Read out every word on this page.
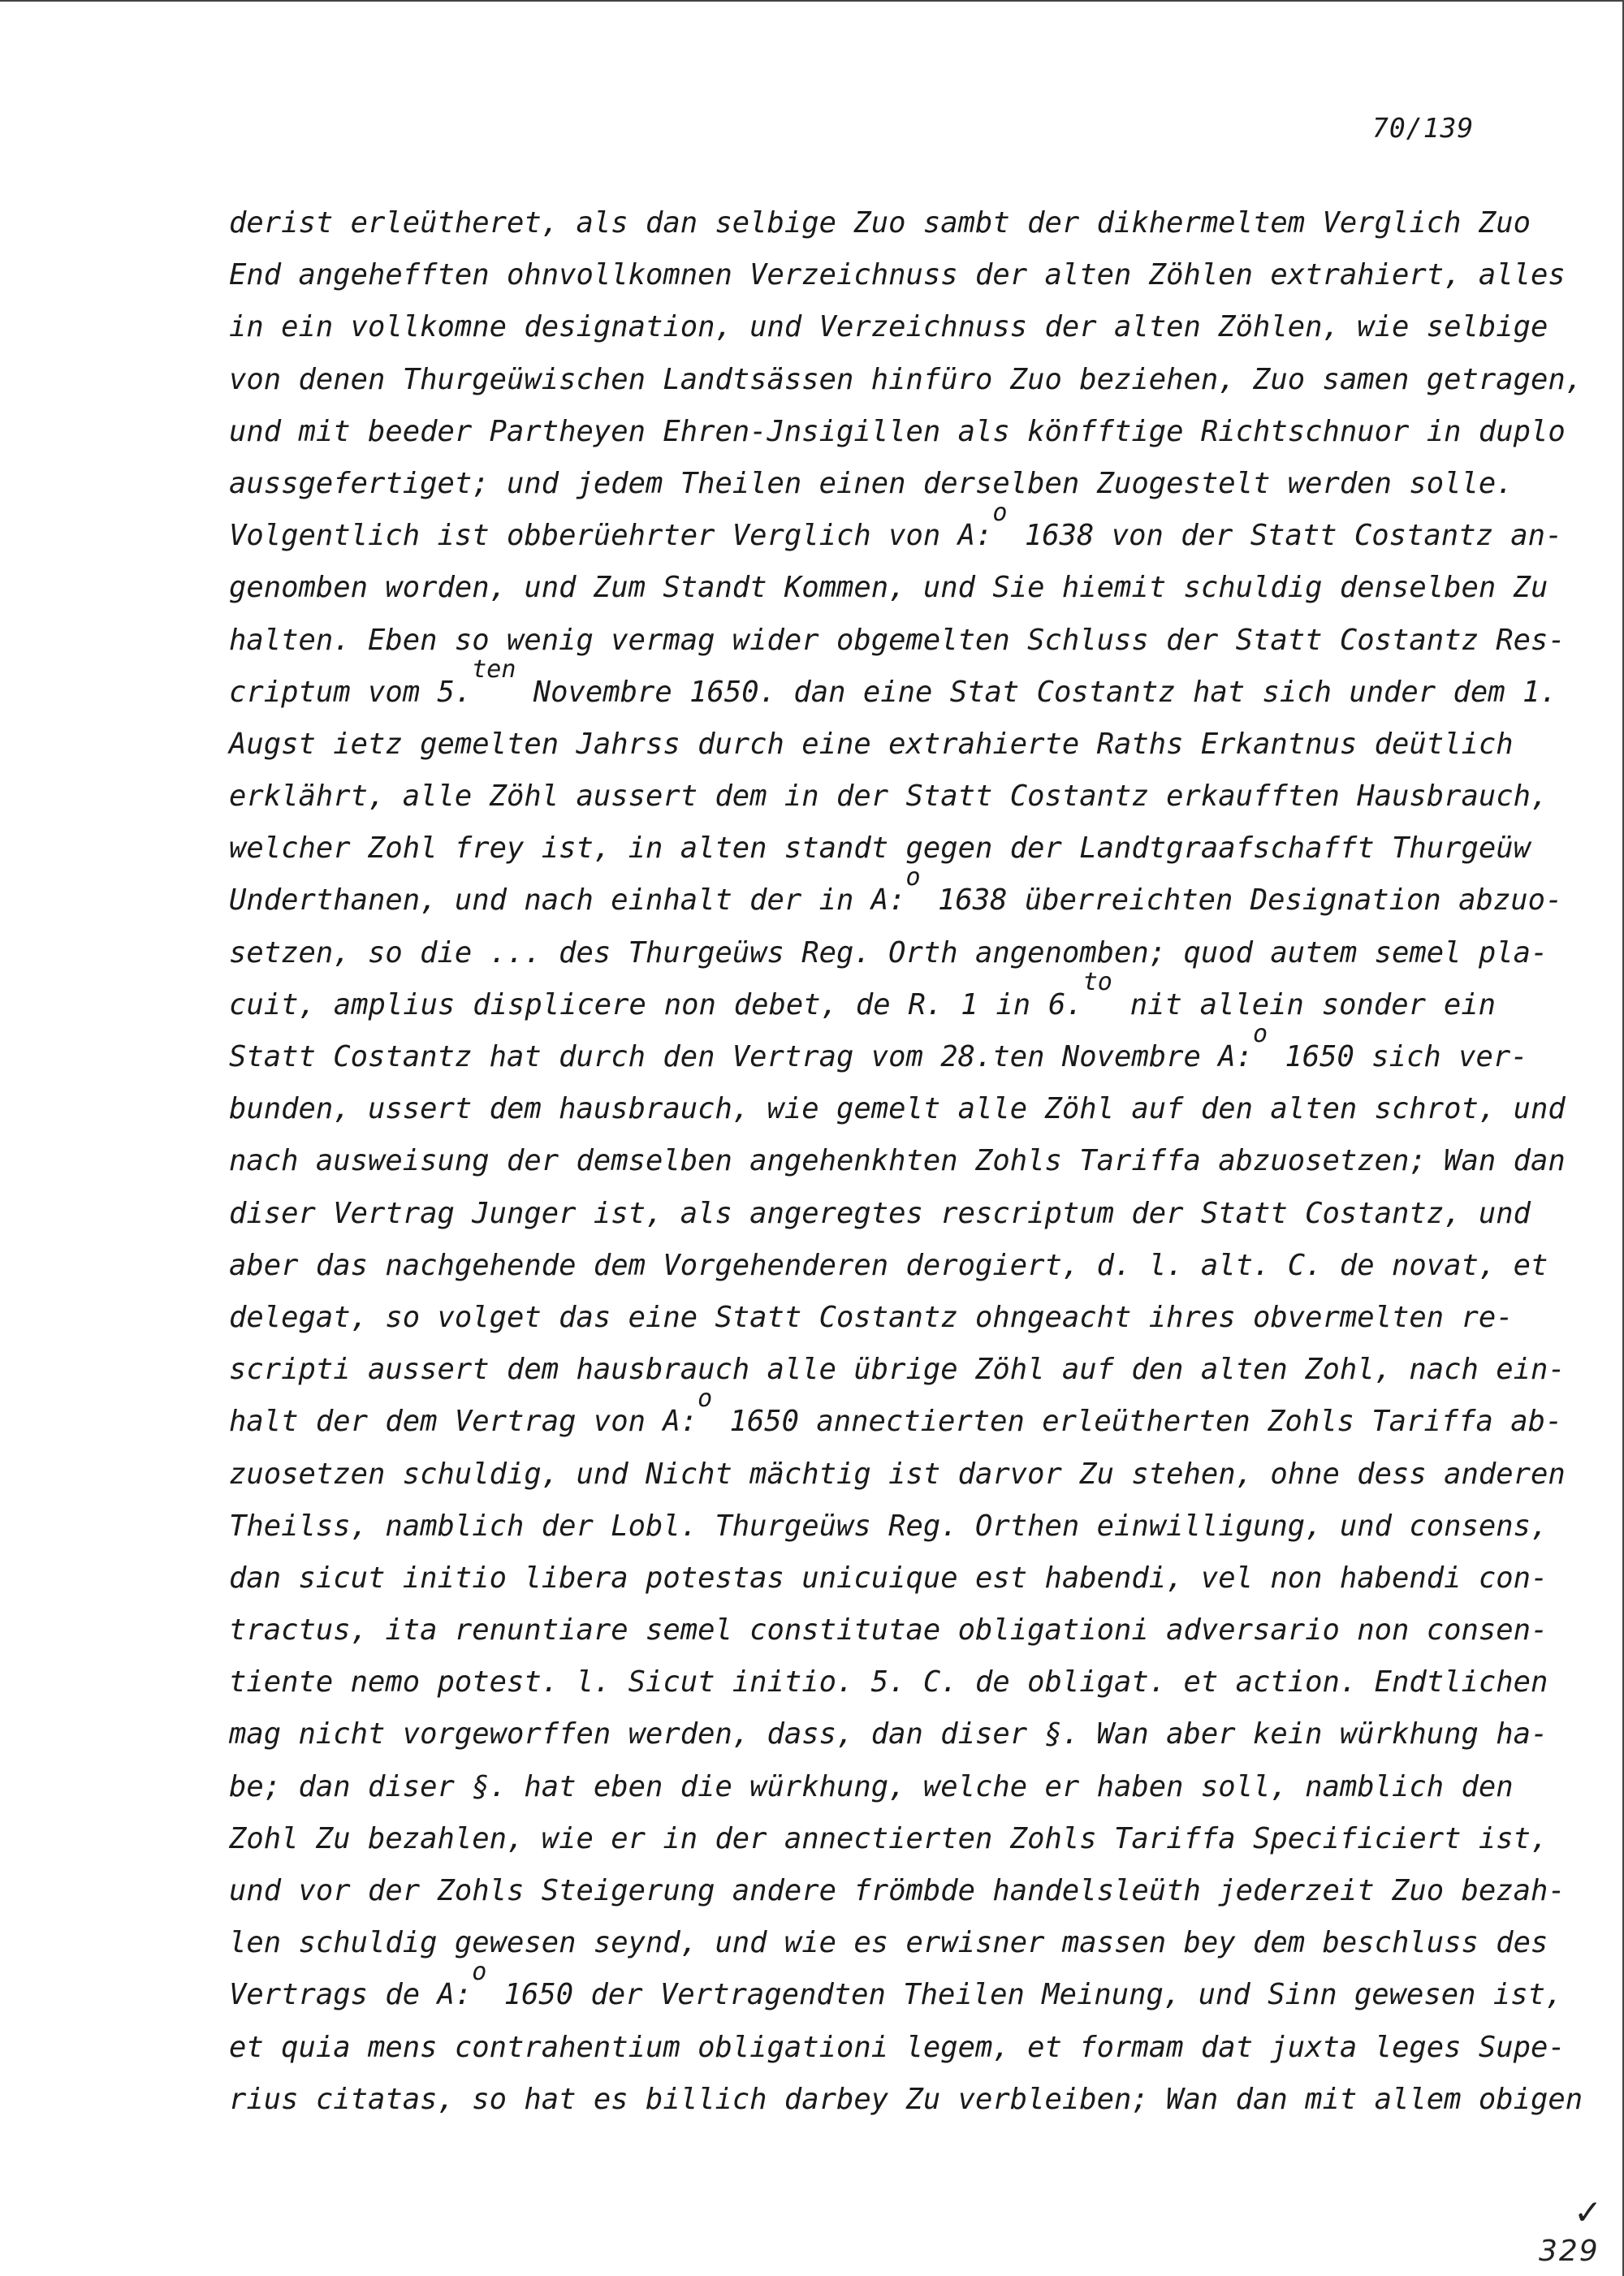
70/139
derist erleütheret, als dan selbige Zuo sambt der dikhermeltem Verglich Zuo
End angehefften ohnvollkomnen Verzeichnuss der alten Zöhlen extrahiert, alles
in ein vollkomne designation, und Verzeichnuss der alten Zöhlen, wie selbige
von denen Thurgeüwischen Landtsässen hinfüro Zuo beziehen, Zuo samen getragen,
und mit beeder Partheyen Ehren-Jnsigillen als könfftige Richtschnuor in duplo
aussgefertiget; und jedem Theilen einen derselben Zuogestelt werden solle.
Volgentlich ist obberüehrter Verglich von A:$^o$ 1638 von der Statt Costantz an-
genomben worden, und Zum Standt Kommen, und Sie hiemit schuldig denselben Zu
halten. Eben so wenig vermag wider obgemelten Schluss der Statt Costantz Res-
criptum vom 5.$^{ten}$ Novembre 1650. dan eine Stat Costantz hat sich under dem 1.
Augst ietz gemelten Jahrss durch eine extrahierte Raths Erkantnus deütlich
erklährt, alle Zöhl aussert dem in der Statt Costantz erkaufften Hausbrauch,
welcher Zohl frey ist, in alten standt gegen der Landtgraafschafft Thurgeüw
Underthanen, und nach einhalt der in A:$^o$ 1638 überreichten Designation abzuo-
setzen, so die ... des Thurgeüws Reg. Orth angenomben; quod autem semel pla-
cuit, amplius displicere non debet, de R. 1 in 6.$^{to}$ nit allein sonder ein
Statt Costantz hat durch den Vertrag vom 28.ten Novembre A:$^o$ 1650 sich ver-
bunden, ussert dem hausbrauch, wie gemelt alle Zöhl auf den alten schrot, und
nach ausweisung der demselben angehenkhten Zohls Tariffa abzuosetzen; Wan dan
diser Vertrag Junger ist, als angeregtes rescriptum der Statt Costantz, und
aber das nachgehende dem Vorgehenderen derogiert, d. l. alt. C. de novat, et
delegat, so volget das eine Statt Costantz ohngeacht ihres obvermelten re-
scripti aussert dem hausbrauch alle übrige Zöhl auf den alten Zohl, nach ein-
halt der dem Vertrag von A:$^o$ 1650 annectierten erleütherten Zohls Tariffa ab-
zuosetzen schuldig, und Nicht mächtig ist darvor Zu stehen, ohne dess anderen
Theilss, namblich der Lobl. Thurgeüws Reg. Orthen einwilligung, und consens,
dan sicut initio libera potestas unicuique est habendi, vel non habendi con-
tractus, ita renuntiare semel constitutae obligationi adversario non consen-
tiente nemo potest. l. Sicut initio. 5. C. de obligat. et action. Endtlichen
mag nicht vorgeworffen werden, dass, dan diser §. Wan aber kein würkhung ha-
be; dan diser §. hat eben die würkhung, welche er haben soll, namblich den
Zohl Zu bezahlen, wie er in der annectierten Zohls Tariffa Specificiert ist,
und vor der Zohls Steigerung andere frömbde handelsleüth jederzeit Zuo bezah-
len schuldig gewesen seynd, und wie es erwisner massen bey dem beschluss des
Vertrags de A:$^o$ 1650 der Vertragendten Theilen Meinung, und Sinn gewesen ist,
et quia mens contrahentium obligationi legem, et formam dat juxta leges Supe-
rius citatas, so hat es billich darbey Zu verbleiben; Wan dan mit allem obigen
✓
329
